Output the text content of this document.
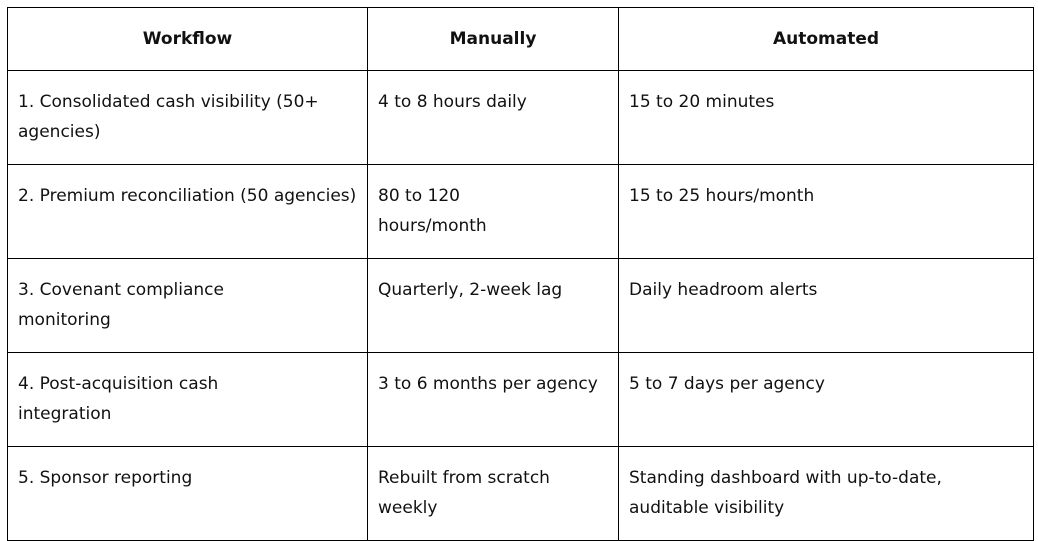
Workflow	Manually	Automated
1. Consolidated cash visibility (50+ agencies)	4 to 8 hours daily	15 to 20 minutes
2. Premium reconciliation (50 agencies)	80 to 120 hours/month	15 to 25 hours/month
3. Covenant compliance monitoring	Quarterly, 2-week lag	Daily headroom alerts
4. Post-acquisition cash integration	3 to 6 months per agency	5 to 7 days per agency
5. Sponsor reporting	Rebuilt from scratch weekly	Standing dashboard with up-to-date, auditable visibility
